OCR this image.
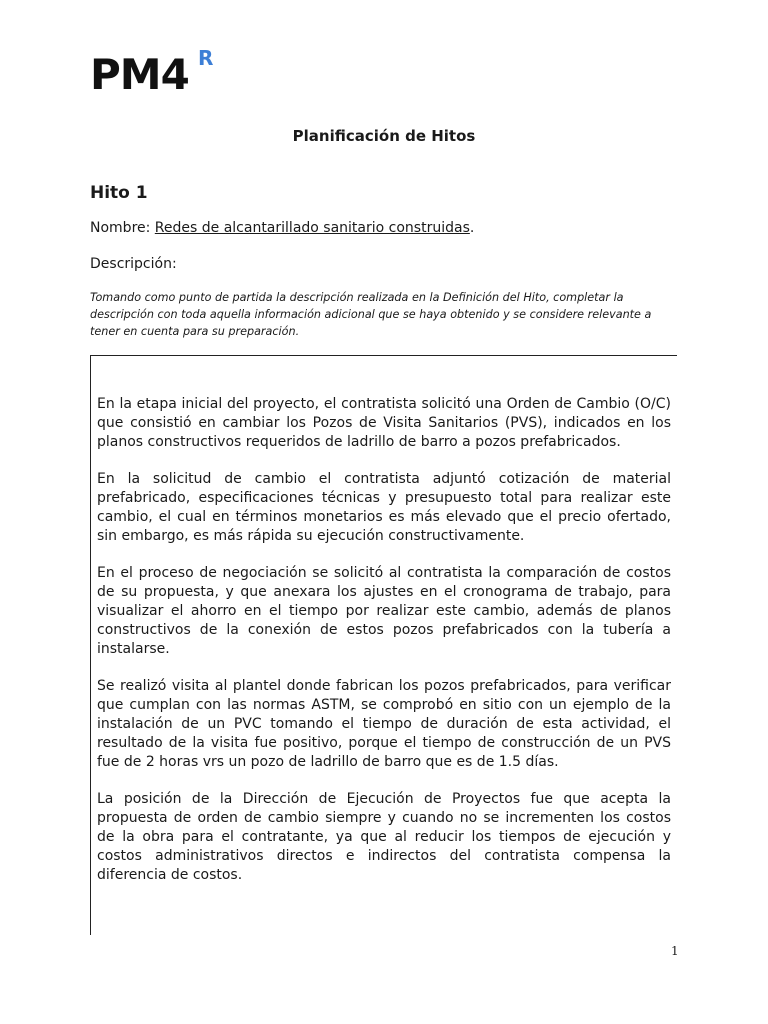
PM4 R
Planificación de Hitos
Hito 1
Nombre: Redes de alcantarillado sanitario construidas.
Descripción:
Tomando como punto de partida la descripción realizada en la Definición del Hito, completar la descripción con toda aquella información adicional que se haya obtenido y se considere relevante a tener en cuenta para su preparación.

En la etapa inicial del proyecto, el contratista solicitó una Orden de Cambio (O/C) que consistió en cambiar los Pozos de Visita Sanitarios (PVS), indicados en los planos constructivos requeridos de ladrillo de barro a pozos prefabricados.

En la solicitud de cambio el contratista adjuntó cotización de material prefabricado, especificaciones técnicas y presupuesto total para realizar este cambio, el cual en términos monetarios es más elevado que el precio ofertado, sin embargo, es más rápida su ejecución constructivamente.

En el proceso de negociación se solicitó al contratista la comparación de costos de su propuesta, y que anexara los ajustes en el cronograma de trabajo, para visualizar el ahorro en el tiempo por realizar este cambio, además de planos constructivos de la conexión de estos pozos prefabricados con la tubería a instalarse.

Se realizó visita al plantel donde fabrican los pozos prefabricados, para verificar que cumplan con las normas ASTM, se comprobó en sitio con un ejemplo de la instalación de un PVC tomando el tiempo de duración de esta actividad, el resultado de la visita fue positivo, porque el tiempo de construcción de un PVS fue de 2 horas vrs un pozo de ladrillo de barro que es de 1.5 días.

La posición de la Dirección de Ejecución de Proyectos fue que acepta la propuesta de orden de cambio siempre y cuando no se incrementen los costos de la obra para el contratante, ya que al reducir los tiempos de ejecución y costos administrativos directos e indirectos del contratista compensa la diferencia de costos.

1
